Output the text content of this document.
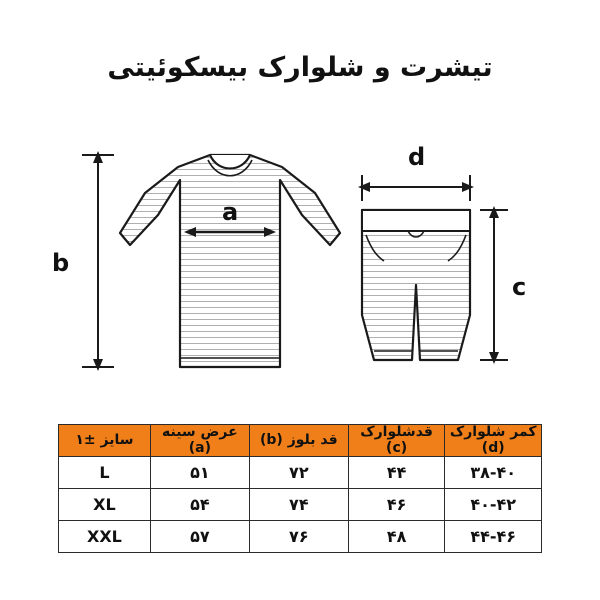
تیشرت و شلوارک بیسکوئیتی
b
a
d
c
کمر شلوارک (d)	قدشلوارک (c)	قد بلوز (b)	عرض سینه (a)	سایز ±۱
۳۸-۴۰	۴۴	۷۲	۵۱	L
۴۰-۴۲	۴۶	۷۴	۵۴	XL
۴۴-۴۶	۴۸	۷۶	۵۷	XXL
